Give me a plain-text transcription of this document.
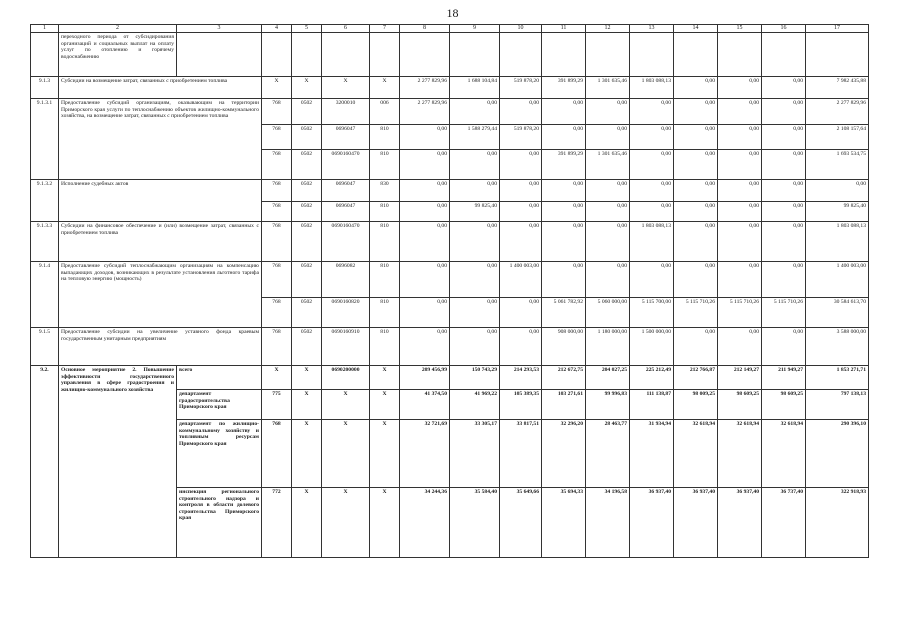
18
1	2	3	4	5	6	7	8	9	10	11	12	13	14	15	16	17
	переходного периода от субсидирования организаций и социальных выплат на оплату услуг по отоплению и горячему водоснабжению															
9.1.3	Субсидии на возмещение затрат, связанных с приобретением топлива		X	X	X	X	2 277 829,96	1 688 104,84	519 878,20	391 899,29	1 301 635,46	1 803 088,13	0,00	0,00	0,00	7 982 435,88
9.1.3.1	Предоставление субсидий организациям, оказывающим на территории Приморского края услуги по теплоснабжению объектов жилищно-коммунального хозяйства, на возмещение затрат, связанных с приобретением топлива		768	0502	3200010	006	2 277 829,96	0,00	0,00	0,00	0,00	0,00	0,00	0,00	0,00	2 277 829,96
			768	0502	0696047	810	0,00	1 588 279,44	519 878,20	0,00	0,00	0,00	0,00	0,00	0,00	2 108 157,64
			768	0502	0690160470	810	0,00	0,00	0,00	391 899,29	1 301 635,46	0,00	0,00	0,00	0,00	1 693 534,75
9.1.3.2	Исполнение судебных актов		768	0502	0696047	830	0,00	0,00	0,00	0,00	0,00	0,00	0,00	0,00	0,00	0,00
			768	0502	0696047	810	0,00	99 825,40	0,00	0,00	0,00	0,00	0,00	0,00	0,00	99 825,40
9.1.3.3	Субсидии на финансовое обеспечение и (или) возмещение затрат, связанных с приобретением топлива		768	0502	0690160470	810	0,00	0,00	0,00	0,00	0,00	1 803 088,13	0,00	0,00	0,00	1 803 088,13
9.1.4	Предоставление субсидий теплоснабжающим организациям на компенсацию выпадающих доходов, возникающих в результате установления льготного тарифа на тепловую энергию (мощность)		768	0502	0696082	810	0,00	0,00	1 400 003,00	0,00	0,00	0,00	0,00	0,00	0,00	1 400 003,00
			768	0502	0690160820	810	0,00	0,00	0,00	5 061 782,92	5 060 000,00	5 115 700,00	5 115 710,26	5 115 710,26	5 115 710,26	30 584 613,70
9.1.5	Предоставление субсидии на увеличение уставного фонда краевым государственным унитарным предприятиям		768	0502	0690160910	810	0,00	0,00	0,00	908 000,00	1 180 000,00	1 500 000,00	0,00	0,00	0,00	3 588 000,00
9.2.	Основное мероприятие 2. Повышение эффективности государственного управления в сфере градостроения и жилищно-коммунального хозяйства	всего	X	X	0690200000	X	209 456,99	150 743,29	214 293,53	212 672,75	204 027,25	225 212,49	212 766,87	212 149,27	211 949,27	1 853 271,71
		департамент градостроительства Приморского края	775	X	X	X	41 374,50	41 969,22	105 389,35	103 271,61	99 996,83	111 138,87	98 009,25	98 609,25	98 609,25	797 138,13
		департамент по жилищно-коммунальному хозяйству и топливным ресурсам Приморского края	768	X	X	X	32 721,69	33 305,17	33 817,51	32 296,20	28 463,77	31 934,94	32 618,94	32 618,94	32 618,94	290 396,10
		инспекция регионального строительного надзора и контроля в области долевого строительства Приморского края	772	X	X	X	34 244,36	35 584,40	35 649,66	35 694,33	34 196,58	36 937,40	36 937,40	36 937,40	36 737,40	322 918,93
